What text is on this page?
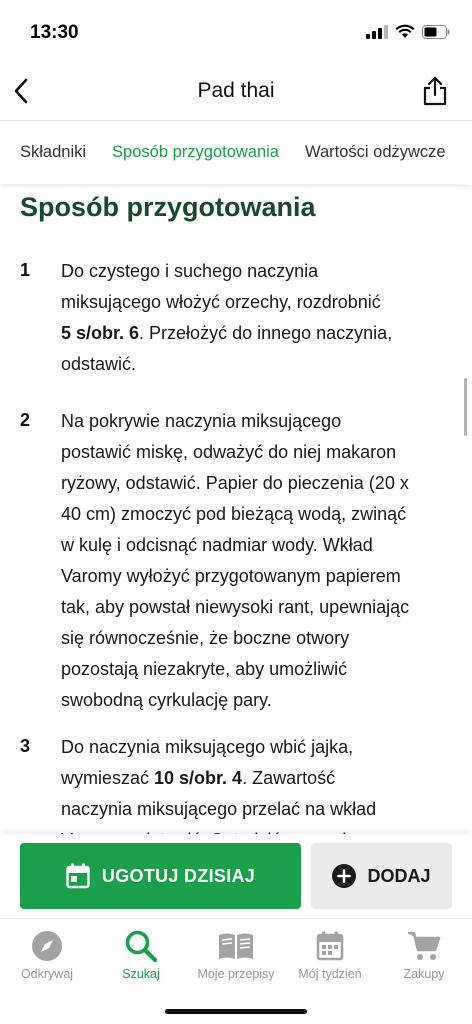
13:30
Pad thai
Składniki Sposób przygotowania Wartości odżywcze
Sposób przygotowania
1 Do czystego i suchego naczynia
miksującego włożyć orzechy, rozdrobnić
5 s/obr. 6. Przełożyć do innego naczynia,
odstawić.
2 Na pokrywie naczynia miksującego
postawić miskę, odważyć do niej makaron
ryżowy, odstawić. Papier do pieczenia (20 x
40 cm) zmoczyć pod bieżącą wodą, zwinąć
w kulę i odcisnąć nadmiar wody. Wkład
Varomy wyłożyć przygotowanym papierem
tak, aby powstał niewysoki rant, upewniając
się równocześnie, że boczne otwory
pozostają niezakryte, aby umożliwić
swobodną cyrkulację pary.
3 Do naczynia miksującego wbić jajka,
wymieszać 10 s/obr. 4. Zawartość
naczynia miksującego przelać na wkład
UGOTUJ DZISIAJ	DODAJ
Odkrywaj	Szukaj	Moje przepisy	Mój tydzień	Zakupy
